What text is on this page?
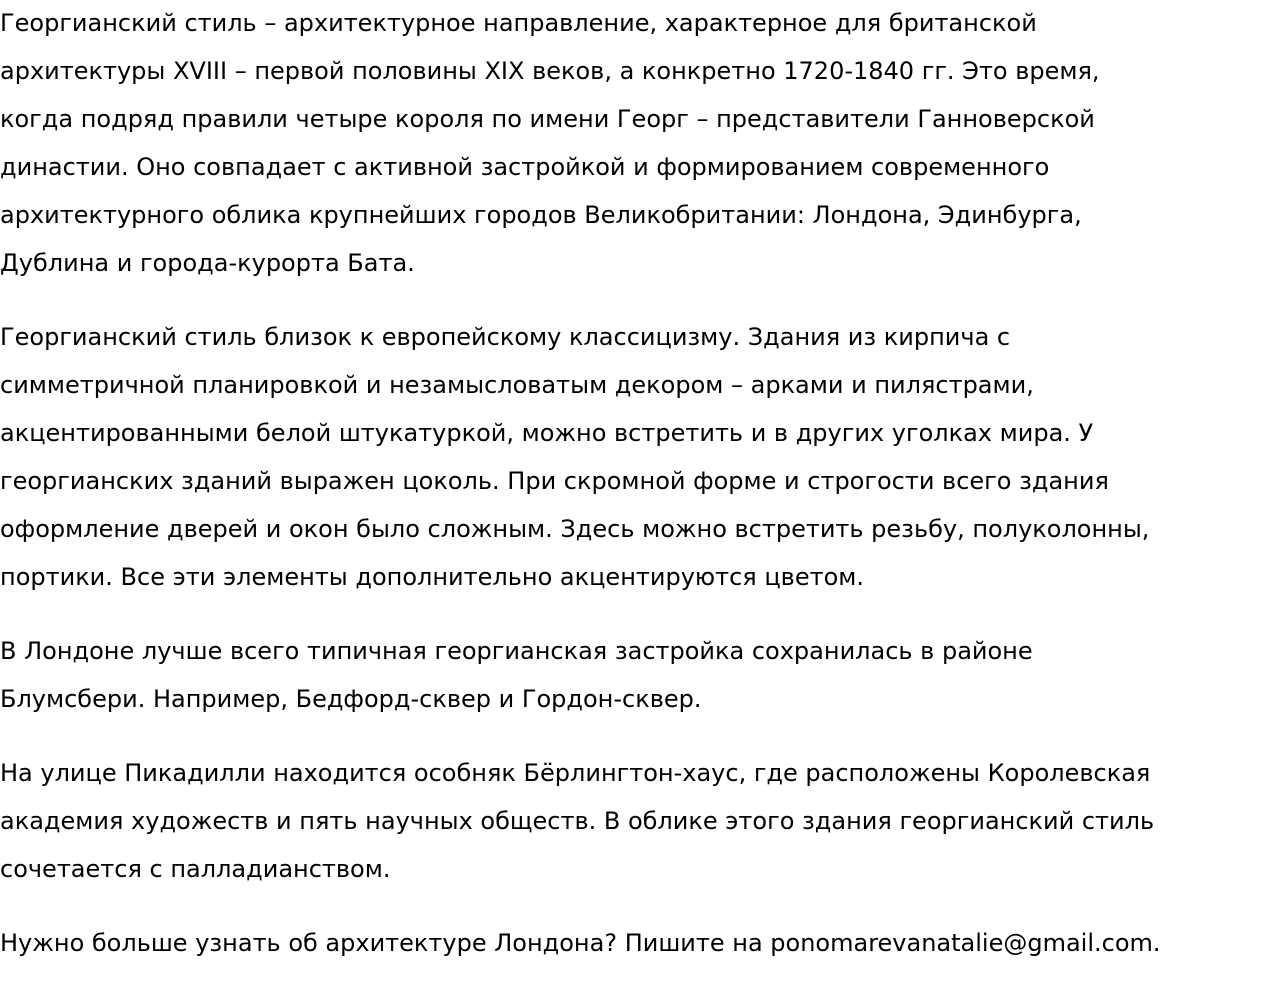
Георгианский стиль – архитектурное направление, характерное для британской
архитектуры XVIII – первой половины XIX веков, а конкретно 1720-1840 гг. Это время,
когда подряд правили четыре короля по имени Георг – представители Ганноверской
династии. Оно совпадает с активной застройкой и формированием современного
архитектурного облика крупнейших городов Великобритании: Лондона, Эдинбурга,
Дублина и города-курорта Бата.

Георгианский стиль близок к европейскому классицизму. Здания из кирпича с
симметричной планировкой и незамысловатым декором – арками и пилястрами,
акцентированными белой штукатуркой, можно встретить и в других уголках мира. У
георгианских зданий выражен цоколь. При скромной форме и строгости всего здания
оформление дверей и окон было сложным. Здесь можно встретить резьбу, полуколонны,
портики. Все эти элементы дополнительно акцентируются цветом.

В Лондоне лучше всего типичная георгианская застройка сохранилась в районе
Блумсбери. Например, Бедфорд-сквер и Гордон-сквер.

На улице Пикадилли находится особняк Бёрлингтон-хаус, где расположены Королевская
академия художеств и пять научных обществ. В облике этого здания георгианский стиль
сочетается с палладианством.

Нужно больше узнать об архитектуре Лондона? Пишите на ponomarevanatalie@gmail.com.
